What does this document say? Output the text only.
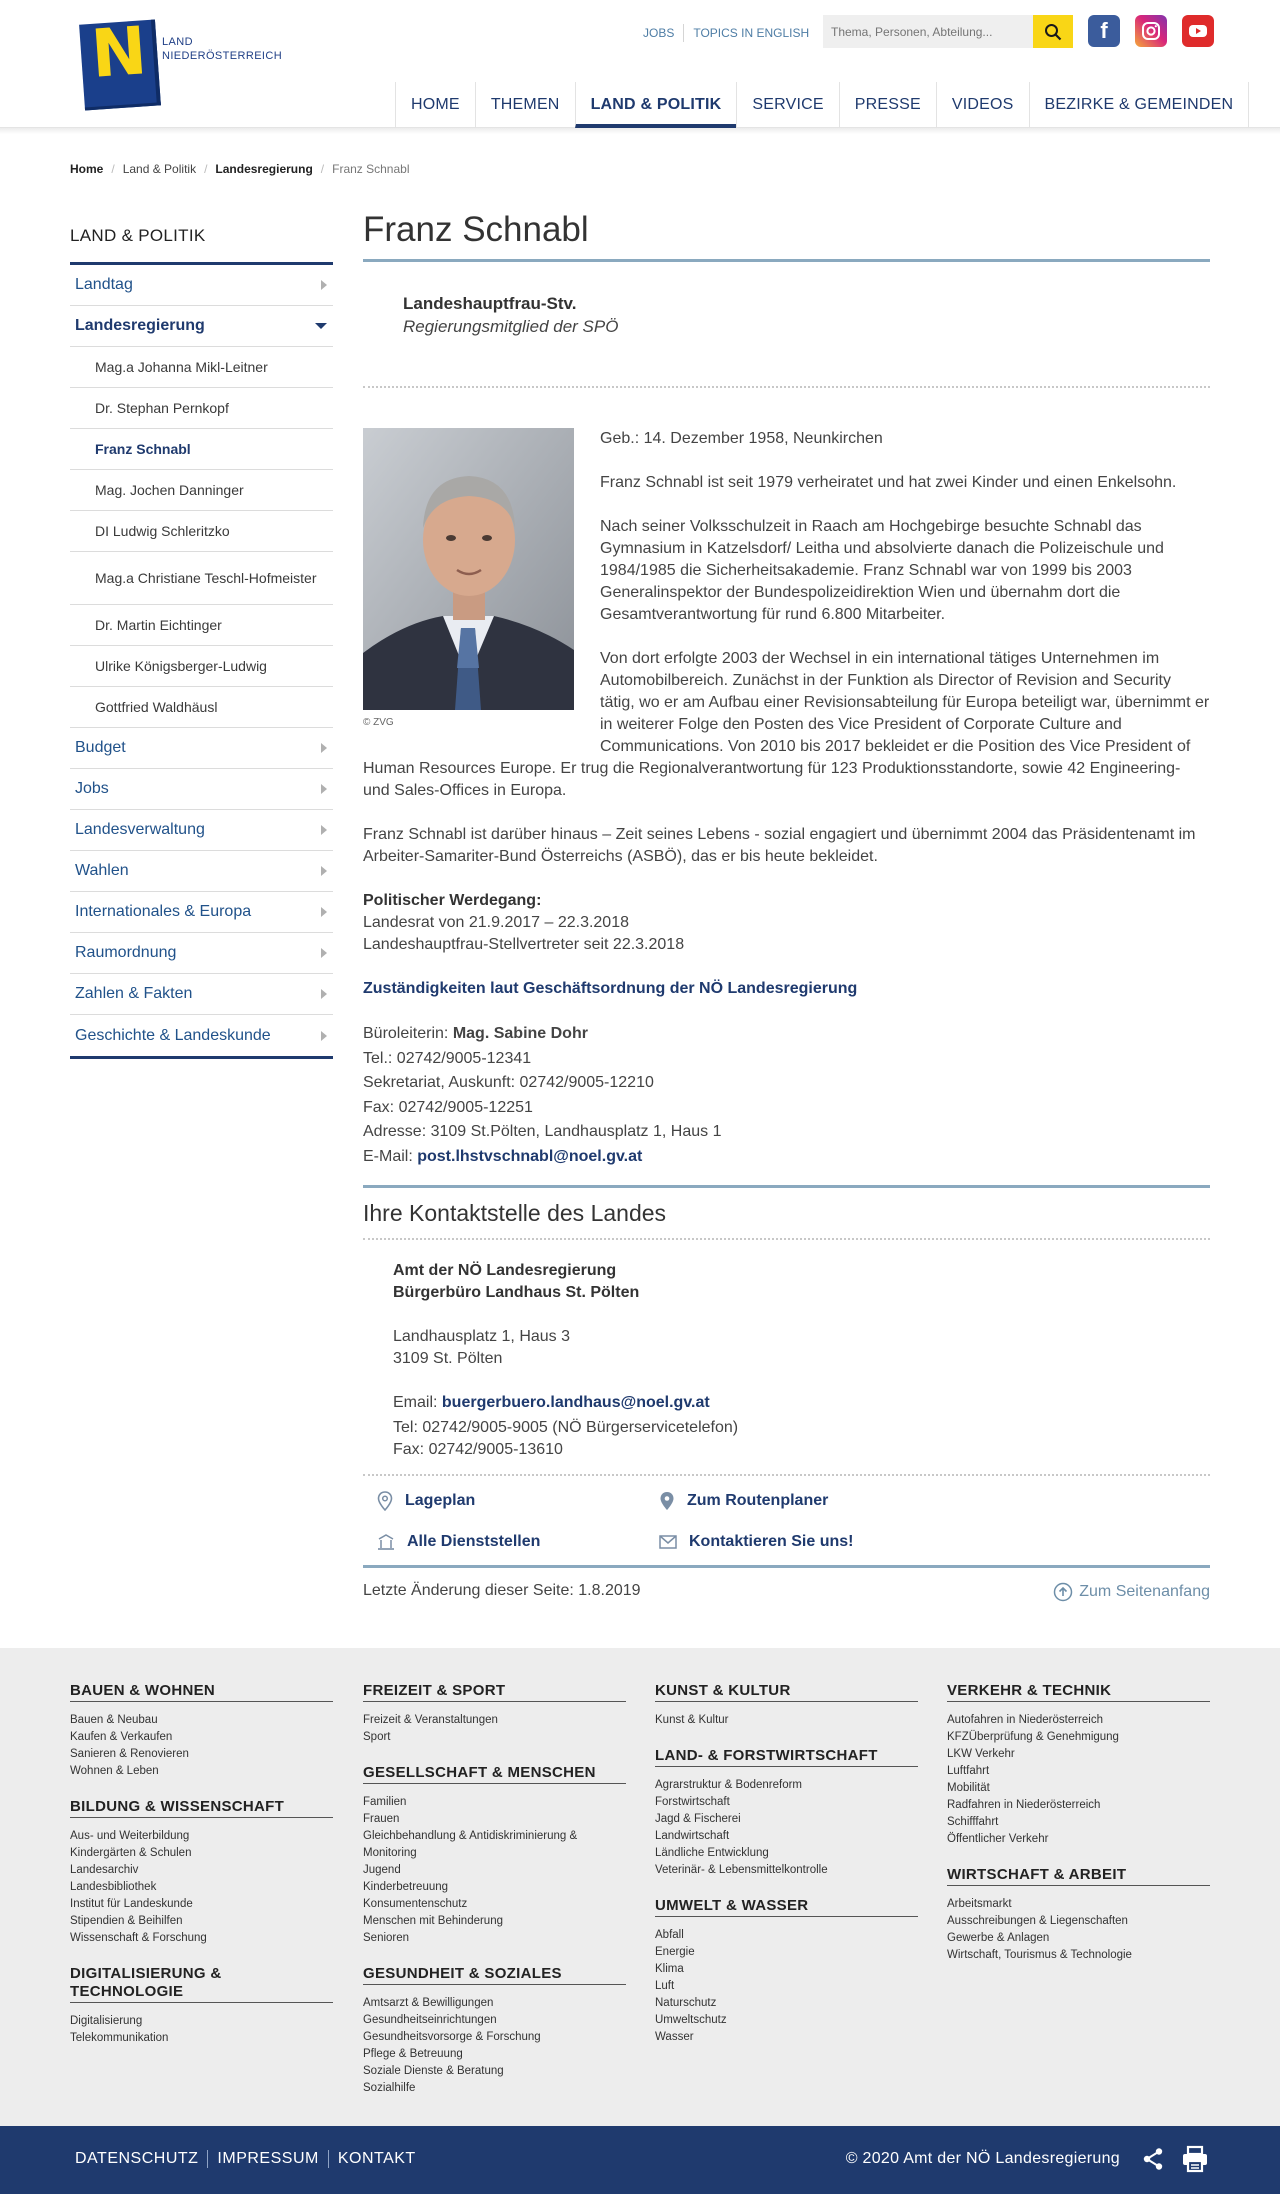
N LAND
NIEDERÖSTERREICH
JOBS	TOPICS IN ENGLISH
Thema, Personen, Abteilung...	f
HOME	THEMEN	LAND & POLITIK	SERVICE	PRESSE	VIDEOS	BEZIRKE & GEMEINDEN
Home / Land & Politik / Landesregierung / Franz Schnabl
LAND & POLITIK
Landtag
Landesregierung
Mag.a Johanna Mikl-Leitner
Dr. Stephan Pernkopf
Franz Schnabl
Mag. Jochen Danninger
DI Ludwig Schleritzko
Mag.a Christiane Teschl-Hofmeister
Dr. Martin Eichtinger
Ulrike Königsberger-Ludwig
Gottfried Waldhäusl
Budget
Jobs
Landesverwaltung
Wahlen
Internationales & Europa
Raumordnung
Zahlen & Fakten
Geschichte & Landeskunde
Franz Schnabl
Landeshauptfrau-Stv.
Regierungsmitglied der SPÖ
© ZVG

Geb.: 14. Dezember 1958, Neunkirchen

Franz Schnabl ist seit 1979 verheiratet und hat zwei Kinder und einen Enkelsohn.

Nach seiner Volksschulzeit in Raach am Hochgebirge besuchte Schnabl das Gymnasium in Katzelsdorf/ Leitha und absolvierte danach die Polizeischule und 1984/1985 die Sicherheitsakademie. Franz Schnabl war von 1999 bis 2003 Generalinspektor der Bundespolizeidirektion Wien und übernahm dort die Gesamtverantwortung für rund 6.800 Mitarbeiter.

Von dort erfolgte 2003 der Wechsel in ein international tätiges Unternehmen im Automobilbereich. Zunächst in der Funktion als Director of Revision and Security tätig, wo er am Aufbau einer Revisionsabteilung für Europa beteiligt war, übernimmt er in weiterer Folge den Posten des Vice President of Corporate Culture and Communications. Von 2010 bis 2017 bekleidet er die Position des Vice President of Human Resources Europe. Er trug die Regionalverantwortung für 123 Produktionsstandorte, sowie 42 Engineering- und Sales-Offices in Europa.

Franz Schnabl ist darüber hinaus – Zeit seines Lebens - sozial engagiert und übernimmt 2004 das Präsidentenamt im Arbeiter-Samariter-Bund Österreichs (ASBÖ), das er bis heute bekleidet.

Politischer Werdegang:
Landesrat von 21.9.2017 – 22.3.2018
Landeshauptfrau-Stellvertreter seit 22.3.2018
Zuständigkeiten laut Geschäftsordnung der NÖ Landesregierung
Büroleiterin: Mag. Sabine Dohr
Tel.: 02742/9005-12341
Sekretariat, Auskunft: 02742/9005-12210
Fax: 02742/9005-12251
Adresse: 3109 St.Pölten, Landhausplatz 1, Haus 1
E-Mail: post.lhstvschnabl@noel.gv.at
Ihre Kontaktstelle des Landes
Amt der NÖ Landesregierung
Bürgerbüro Landhaus St. Pölten
Landhausplatz 1, Haus 3
3109 St. Pölten
Email: buergerbuero.landhaus@noel.gv.at
Tel: 02742/9005-9005 (NÖ Bürgerservicetelefon)
Fax: 02742/9005-13610
Lageplan	Zum Routenplaner
Alle Dienststellen	Kontaktieren Sie uns!
Letzte Änderung dieser Seite: 1.8.2019	Zum Seitenanfang
BAUEN & WOHNEN
Bauen & Neubau
Kaufen & Verkaufen
Sanieren & Renovieren
Wohnen & Leben
BILDUNG & WISSENSCHAFT
Aus- und Weiterbildung
Kindergärten & Schulen
Landesarchiv
Landesbibliothek
Institut für Landeskunde
Stipendien & Beihilfen
Wissenschaft & Forschung
DIGITALISIERUNG & TECHNOLOGIE
Digitalisierung
Telekommunikation
FREIZEIT & SPORT
Freizeit & Veranstaltungen
Sport
GESELLSCHAFT & MENSCHEN
Familien
Frauen
Gleichbehandlung & Antidiskriminierung & Monitoring
Jugend
Kinderbetreuung
Konsumentenschutz
Menschen mit Behinderung
Senioren
GESUNDHEIT & SOZIALES
Amtsarzt & Bewilligungen
Gesundheitseinrichtungen
Gesundheitsvorsorge & Forschung
Pflege & Betreuung
Soziale Dienste & Beratung
Sozialhilfe
KUNST & KULTUR
Kunst & Kultur
LAND- & FORSTWIRTSCHAFT
Agrarstruktur & Bodenreform
Forstwirtschaft
Jagd & Fischerei
Landwirtschaft
Ländliche Entwicklung
Veterinär- & Lebensmittelkontrolle
UMWELT & WASSER
Abfall
Energie
Klima
Luft
Naturschutz
Umweltschutz
Wasser
VERKEHR & TECHNIK
Autofahren in Niederösterreich
KFZÜberprüfung & Genehmigung
LKW Verkehr
Luftfahrt
Mobilität
Radfahren in Niederösterreich
Schifffahrt
Öffentlicher Verkehr
WIRTSCHAFT & ARBEIT
Arbeitsmarkt
Ausschreibungen & Liegenschaften
Gewerbe & Anlagen
Wirtschaft, Tourismus & Technologie
DATENSCHUTZ	IMPRESSUM	KONTAKT	© 2020 Amt der NÖ Landesregierung
